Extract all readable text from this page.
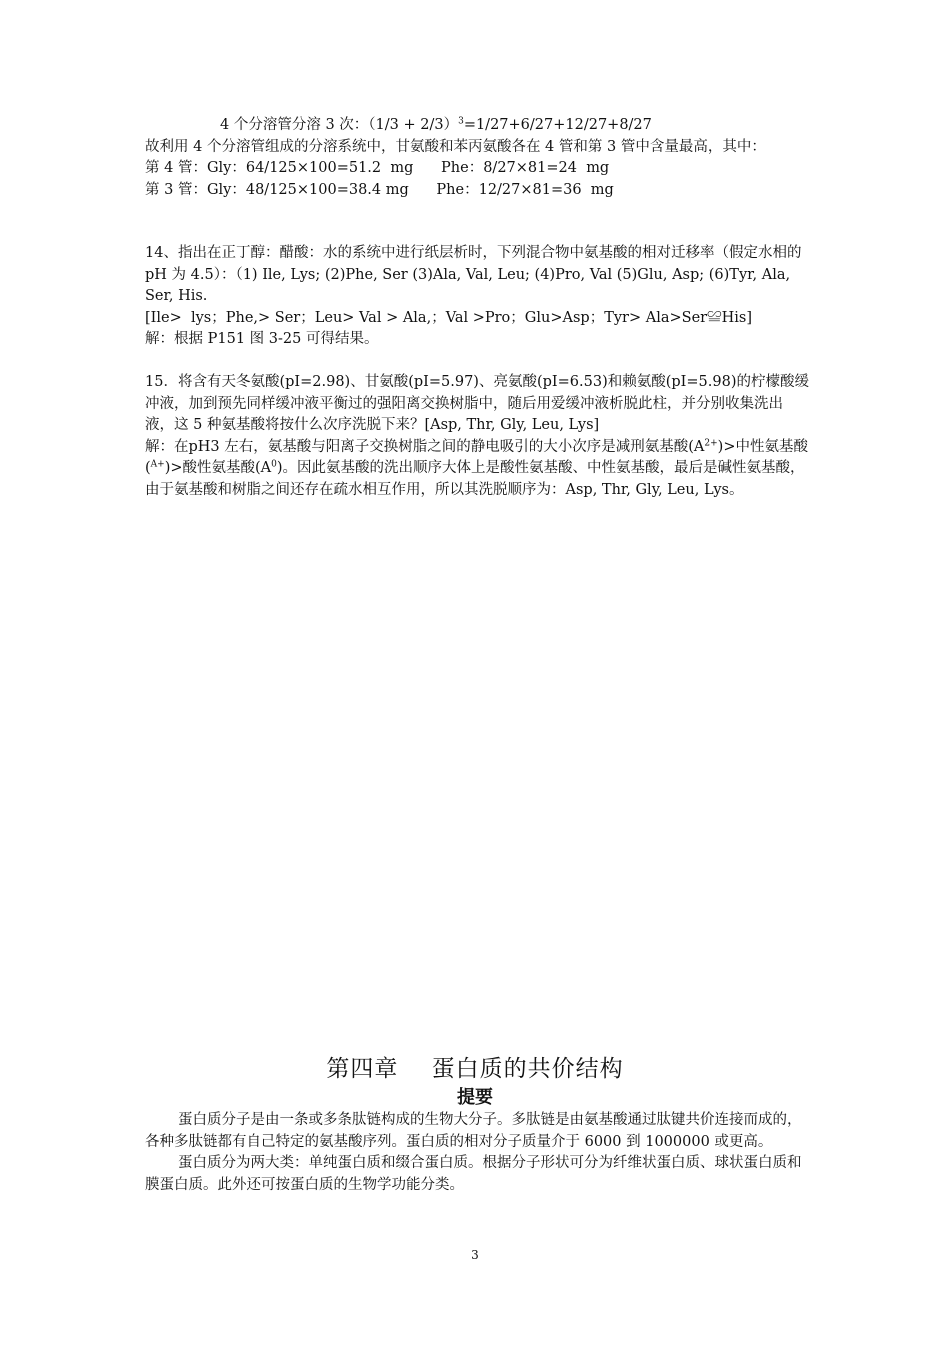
4 个分溶管分溶 3 次：$(1/3 + 2/3)^3=1/27+6/27+12/27+8/27$
故利用 4 个分溶管组成的分溶系统中，甘氨酸和苯丙氨酸各在 4 管和第 3 管中含量最高，其中：
第 4 管：Gly：64/125×100=51.2  mg      Phe：8/27×81=24  mg
第 3 管：Gly：48/125×100=38.4 mg      Phe：12/27×81=36  mg
14、指出在正丁醇：醋酸：水的系统中进行纸层析时，下列混合物中氨基酸的相对迁移率（假定水相的 pH 为 4.5）：（1) Ile, Lys; (2)Phe, Ser (3)Ala, Val, Leu; (4)Pro, Val (5)Glu, Asp; (6)Tyr, Ala, Ser, His.
[Ile>  lys；Phe,> Ser；Leu> Val > Ala,；Val >Pro；Glu>Asp；Tyr> Ala>Ser≌His]
解：根据 P151 图 3-25 可得结果。
15．将含有天冬氨酸(pI=2.98)、甘氨酸(pI=5.97)、亮氨酸(pI=6.53)和赖氨酸(pI=5.98)的柠檬酸缓冲液，加到预先同样缓冲液平衡过的强阳离交换树脂中，随后用爱缓冲液析脱此柱，并分别收集洗出液，这 5 种氨基酸将按什么次序洗脱下来？[Asp, Thr, Gly, Leu, Lys]
解：在pH3 左右，氨基酸与阳离子交换树脂之间的静电吸引的大小次序是减刑氨基酸$(A^{2+})>$中性氨基酸($^{A+}$)>酸性氨基酸$(A^0)$。因此氨基酸的洗出顺序大体上是酸性氨基酸、中性氨基酸，最后是碱性氨基酸，由于氨基酸和树脂之间还存在疏水相互作用，所以其洗脱顺序为：Asp, Thr, Gly, Leu, Lys。
第四章    蛋白质的共价结构
提要
蛋白质分子是由一条或多条肽链构成的生物大分子。多肽链是由氨基酸通过肽键共价连接而成的，各种多肽链都有自己特定的氨基酸序列。蛋白质的相对分子质量介于 6000 到 1000000 或更高。
蛋白质分为两大类：单纯蛋白质和缀合蛋白质。根据分子形状可分为纤维状蛋白质、球状蛋白质和膜蛋白质。此外还可按蛋白质的生物学功能分类。
3
